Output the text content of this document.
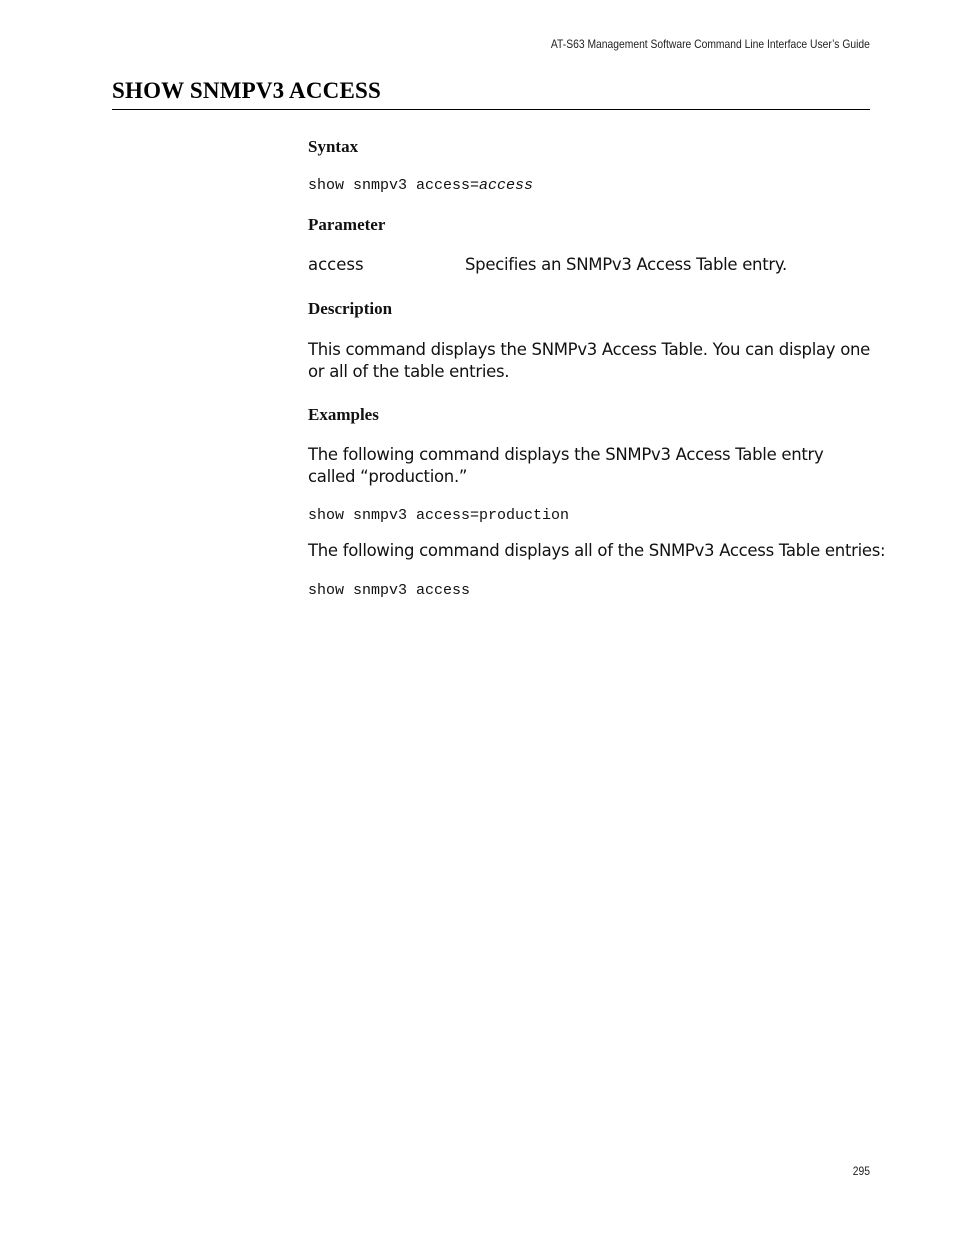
AT-S63 Management Software Command Line Interface User’s Guide
SHOW SNMPV3 ACCESS
Syntax
show snmpv3 access=access
Parameter
access	Specifies an SNMPv3 Access Table entry.
Description
This command displays the SNMPv3 Access Table. You can display one or all of the table entries.
Examples
The following command displays the SNMPv3 Access Table entry called “production.”
show snmpv3 access=production
The following command displays all of the SNMPv3 Access Table entries:
show snmpv3 access
295
